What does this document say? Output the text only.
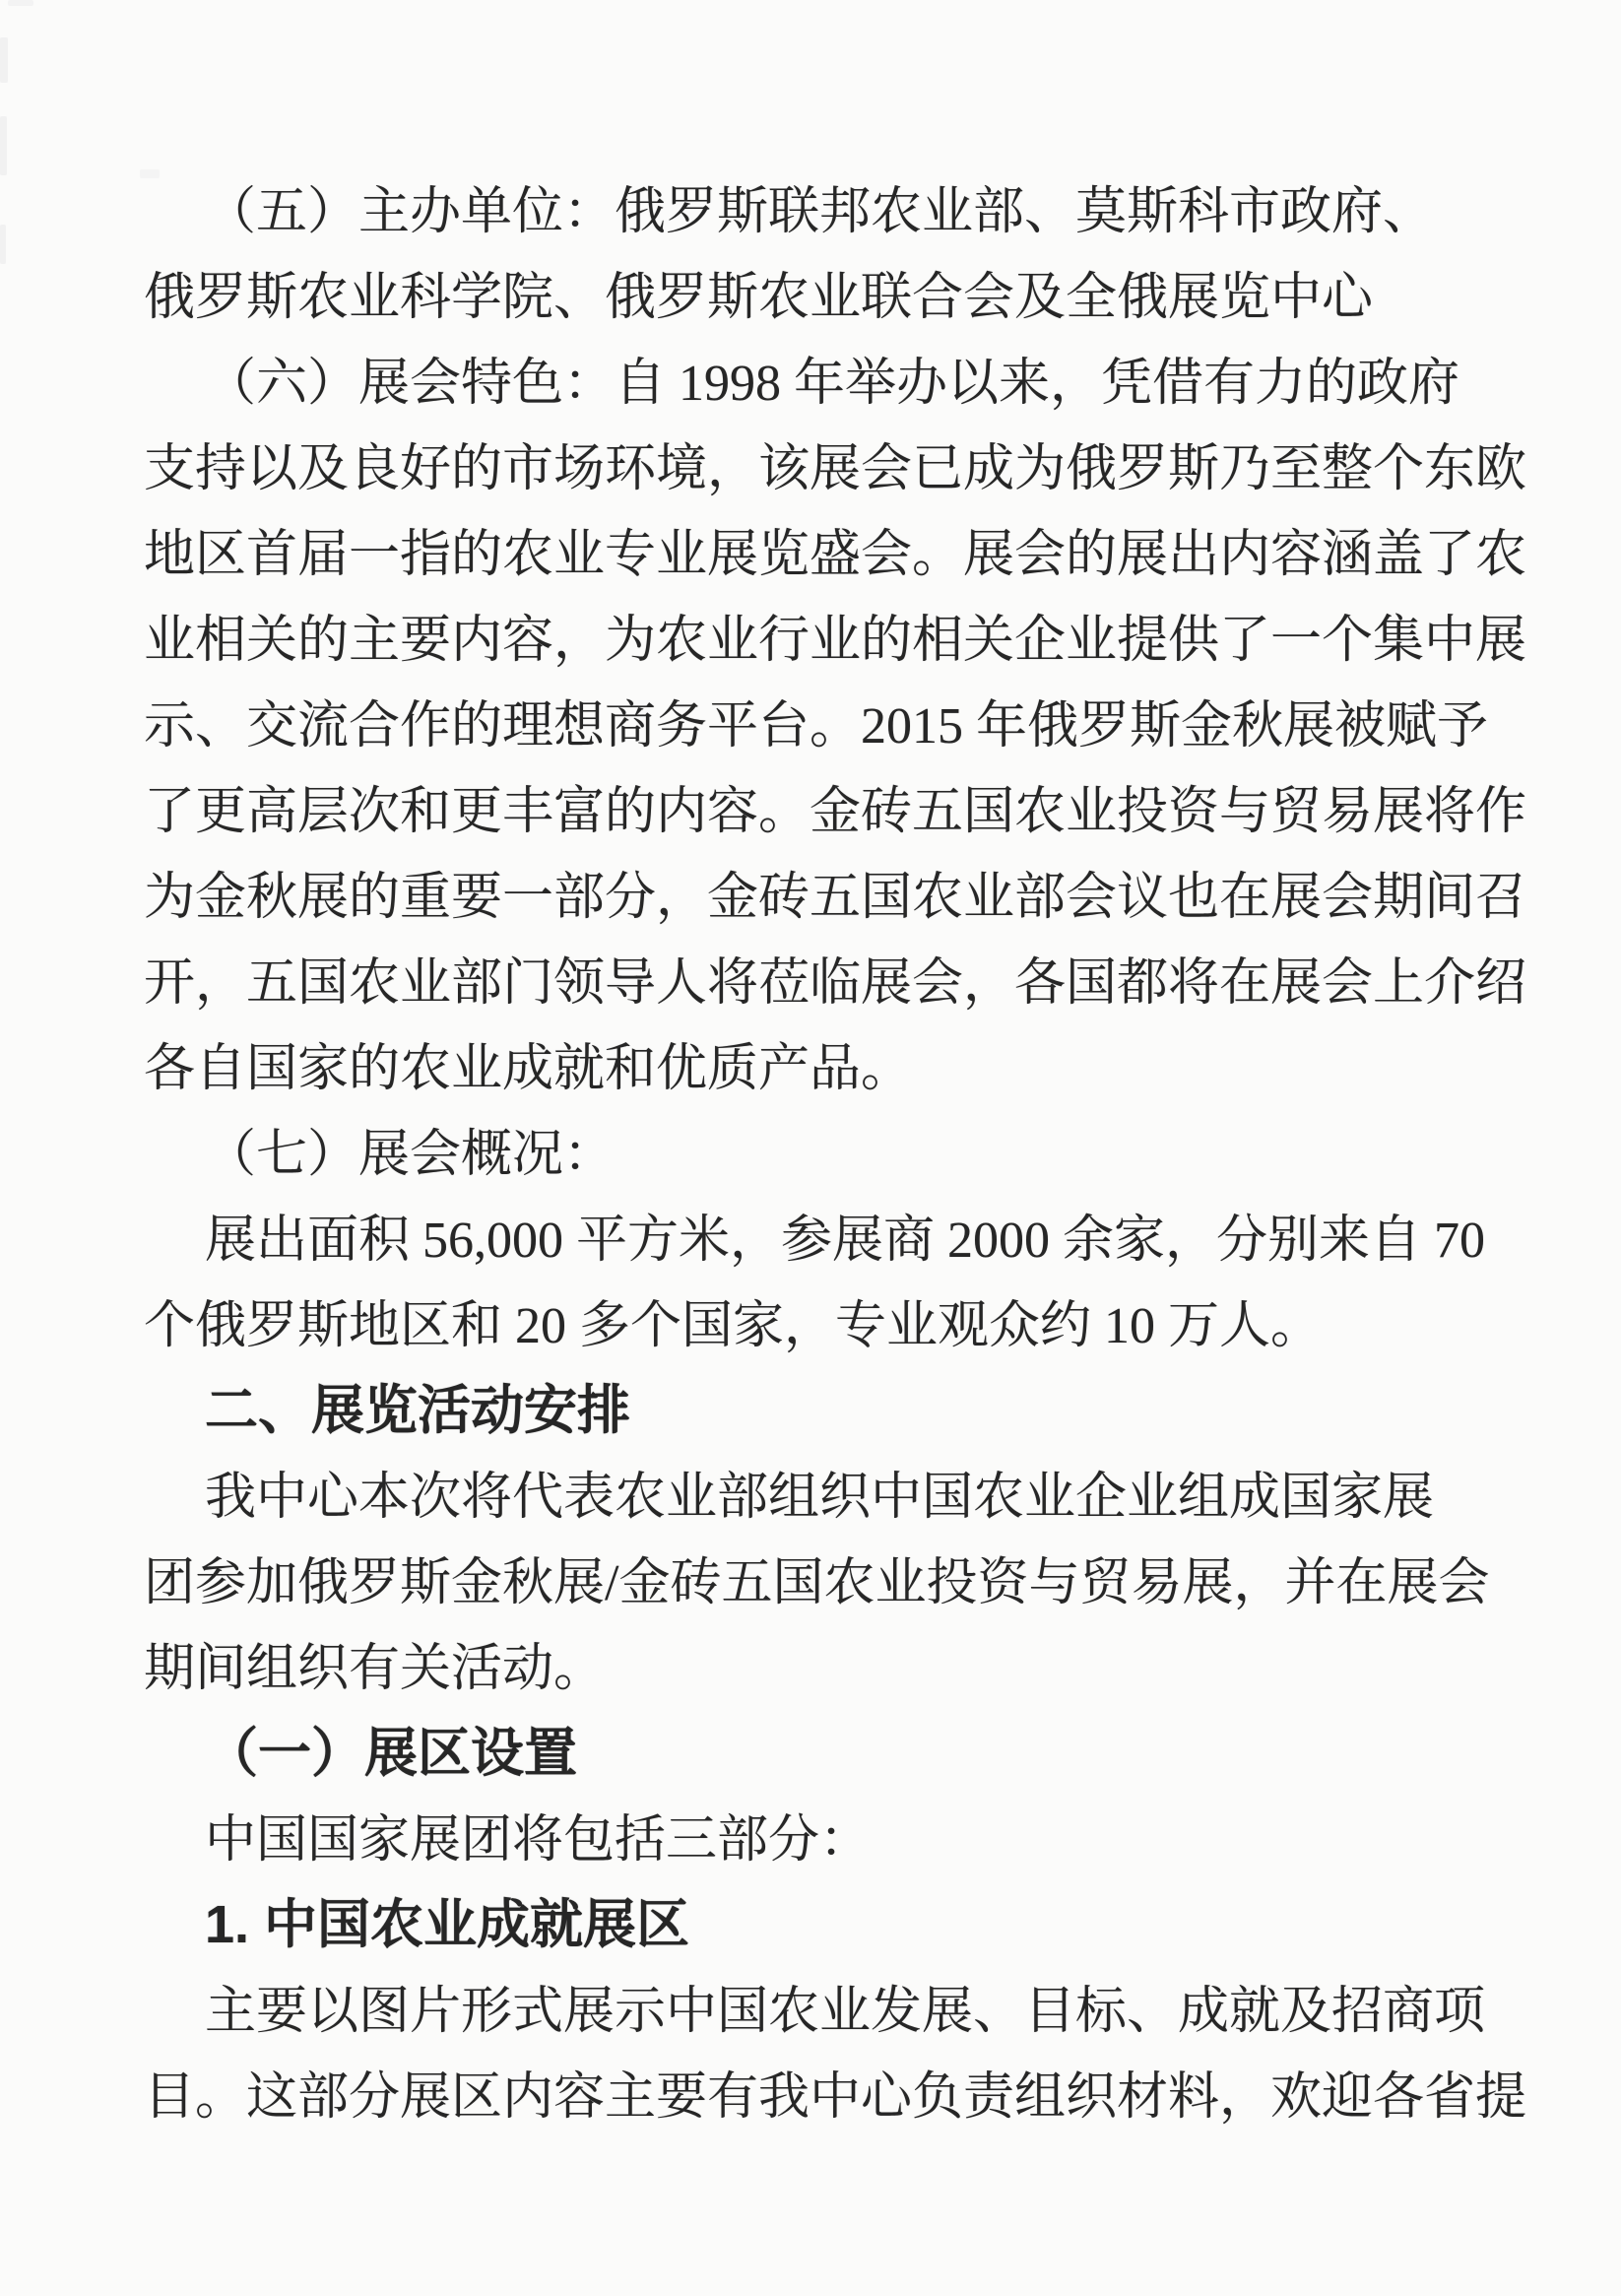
（五）主办单位：俄罗斯联邦农业部、莫斯科市政府、
俄罗斯农业科学院、俄罗斯农业联合会及全俄展览中心
（六）展会特色：自 1998 年举办以来，凭借有力的政府
支持以及良好的市场环境，该展会已成为俄罗斯乃至整个东欧
地区首届一指的农业专业展览盛会。展会的展出内容涵盖了农
业相关的主要内容，为农业行业的相关企业提供了一个集中展
示、交流合作的理想商务平台。2015 年俄罗斯金秋展被赋予
了更高层次和更丰富的内容。金砖五国农业投资与贸易展将作
为金秋展的重要一部分，金砖五国农业部会议也在展会期间召
开，五国农业部门领导人将莅临展会，各国都将在展会上介绍
各自国家的农业成就和优质产品。
（七）展会概况：
展出面积 56,000 平方米，参展商 2000 余家，分别来自 70
个俄罗斯地区和 20 多个国家，专业观众约 10 万人。
二、展览活动安排
我中心本次将代表农业部组织中国农业企业组成国家展
团参加俄罗斯金秋展/金砖五国农业投资与贸易展，并在展会
期间组织有关活动。
（一）展区设置
中国国家展团将包括三部分：
1. 中国农业成就展区
主要以图片形式展示中国农业发展、目标、成就及招商项
目。这部分展区内容主要有我中心负责组织材料，欢迎各省提
